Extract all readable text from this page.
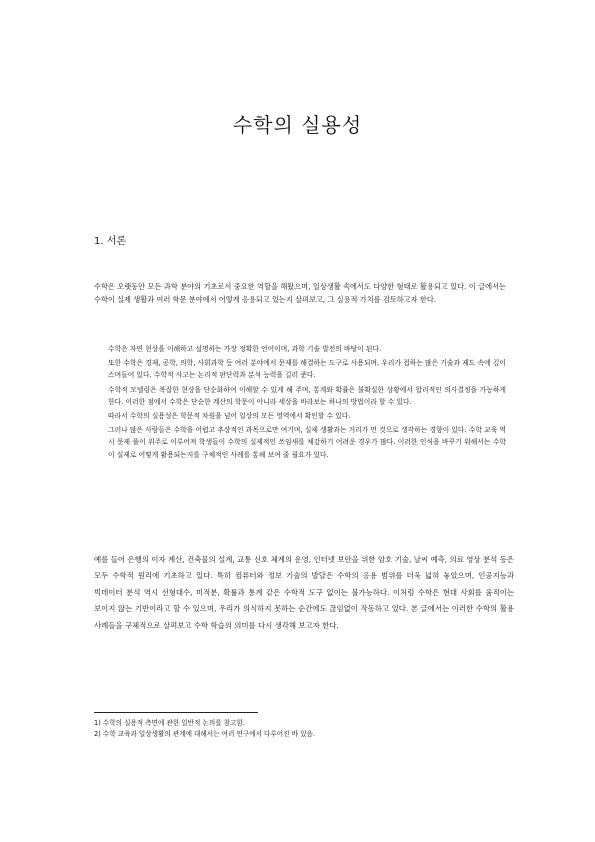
수학의 실용성
1. 서론
수학은 오랫동안 모든 과학 분야의 기초로서 중요한 역할을 해왔으며, 일상생활 속에서도 다양한 형태로 활용되고 있다. 이 글에서는 수학이 실제 생활과 여러 학문 분야에서 어떻게 응용되고 있는지 살펴보고, 그 실용적 가치를 검토하고자 한다.

수학은 자연 현상을 이해하고 설명하는 가장 정확한 언어이며, 과학 기술 발전의 바탕이 된다.

또한 수학은 경제, 공학, 의학, 사회과학 등 여러 분야에서 문제를 해결하는 도구로 사용되며, 우리가 접하는 많은 기술과 제도 속에 깊이 스며들어 있다. 수학적 사고는 논리적 판단력과 분석 능력을 길러 준다.

수학적 모델링은 복잡한 현상을 단순화하여 이해할 수 있게 해 주며, 통계와 확률은 불확실한 상황에서 합리적인 의사결정을 가능하게 한다. 이러한 점에서 수학은 단순한 계산의 학문이 아니라 세상을 바라보는 하나의 방법이라 할 수 있다.

따라서 수학의 실용성은 학문적 차원을 넘어 일상의 모든 영역에서 확인할 수 있다.

그러나 많은 사람들은 수학을 어렵고 추상적인 과목으로만 여기며, 실제 생활과는 거리가 먼 것으로 생각하는 경향이 있다. 수학 교육 역시 문제 풀이 위주로 이루어져 학생들이 수학의 실제적인 쓰임새를 체감하기 어려운 경우가 많다. 이러한 인식을 바꾸기 위해서는 수학이 실제로 어떻게 활용되는지를 구체적인 사례를 통해 보여 줄 필요가 있다.

예를 들어 은행의 이자 계산, 건축물의 설계, 교통 신호 체계의 운영, 인터넷 보안을 위한 암호 기술, 날씨 예측, 의료 영상 분석 등은 모두 수학적 원리에 기초하고 있다. 특히 컴퓨터와 정보 기술의 발달은 수학의 응용 범위를 더욱 넓혀 놓았으며, 인공지능과 빅데이터 분석 역시 선형대수, 미적분, 확률과 통계 같은 수학적 도구 없이는 불가능하다. 이처럼 수학은 현대 사회를 움직이는 보이지 않는 기반이라고 할 수 있으며, 우리가 의식하지 못하는 순간에도 끊임없이 작동하고 있다. 본 글에서는 이러한 수학의 활용 사례들을 구체적으로 살펴보고 수학 학습의 의미를 다시 생각해 보고자 한다.
1) 수학의 실용적 측면에 관한 일반적 논의를 참고함.
2) 수학 교육과 일상생활의 관계에 대해서는 여러 연구에서 다루어진 바 있음.
